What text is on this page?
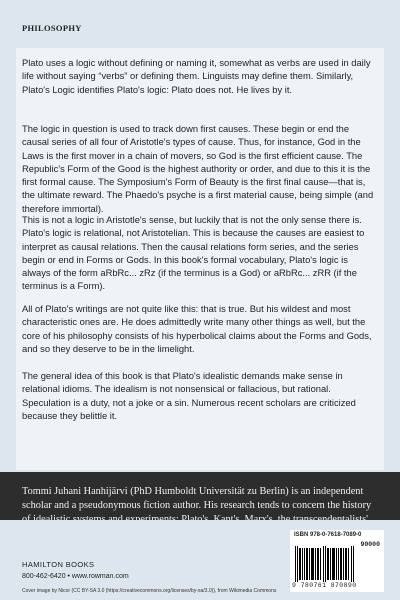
PHILOSOPHY

Plato uses a logic without defining or naming it, somewhat as verbs are used in daily life without saying “verbs” or defining them. Linguists may define them. Similarly, Plato's Logic identifies Plato's logic: Plato does not. He lives by it.

The logic in question is used to track down first causes. These begin or end the causal series of all four of Aristotle's types of cause. Thus, for instance, God in the Laws is the first mover in a chain of movers, so God is the first efficient cause. The Republic's Form of the Good is the highest authority or order, and due to this it is the first formal cause. The Symposium's Form of Beauty is the first final cause—that is, the ultimate reward. The Phaedo's psyche is a first material cause, being simple (and therefore immortal).

This is not a logic in Aristotle's sense, but luckily that is not the only sense there is. Plato's logic is relational, not Aristotelian. This is because the causes are easiest to interpret as causal relations. Then the causal relations form series, and the series begin or end in Forms or Gods. In this book's formal vocabulary, Plato's logic is always of the form aRbRc... zRz (if the terminus is a God) or aRbRc... zRR (if the terminus is a Form).

All of Plato's writings are not quite like this: that is true. But his wildest and most characteristic ones are. He does admittedly write many other things as well, but the core of his philosophy consists of his hyperbolical claims about the Forms and Gods, and so they deserve to be in the limelight.

The general idea of this book is that Plato's idealistic demands make sense in relational idioms. The idealism is not nonsensical or fallacious, but rational. Speculation is a duty, not a joke or a sin. Numerous recent scholars are criticized because they belittle it.

Tommi Juhani Hanhijärvi (PhD Humboldt Universität zu Berlin) is an independent scholar and a pseudonymous fiction author. His research tends to concern the history

HAMILTON BOOKS
800-462-6420 • www.rowman.com
Cover image by Nicor (CC BY-SA 3.0 (https://creativecommons.org/licenses/by-sa/3.0)), from Wikimedia Commons
ISBN 978-0-7618-7089-0
90000
9 780761 870890
